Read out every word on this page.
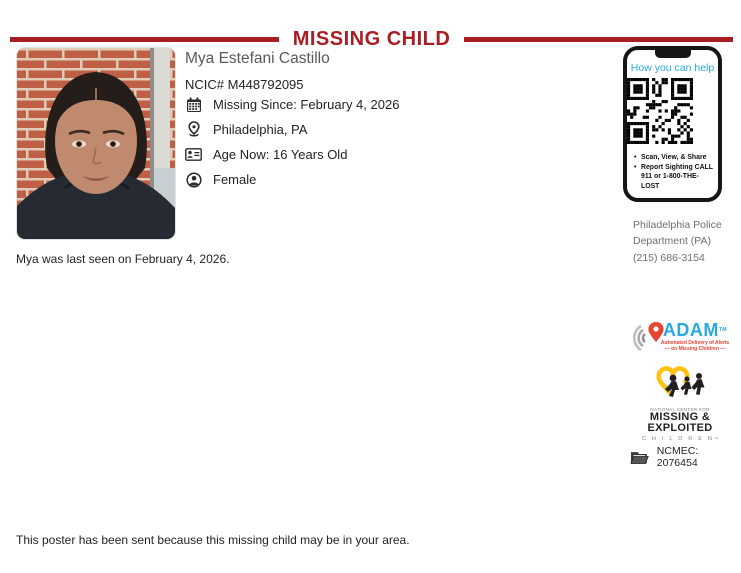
MISSING CHILD
Mya was last seen on February 4, 2026.
Mya Estefani Castillo
NCIC# M448792095
Missing Since: February 4, 2026
Philadelphia, PA
Age Now: 16 Years Old
Female
How you can help
• Scan, View, & Share
• Report Sighting CALL 911 or 1-800-THE-LOST
Philadelphia Police
Department (PA)
(215) 686-3154
ADAM™
Automated Delivery of Alerts
— on Missing Children —
NATIONAL CENTER FOR
MISSING &
EXPLOITED
C H I L D R E N™
NCMEC: 2076454
This poster has been sent because this missing child may be in your area.
